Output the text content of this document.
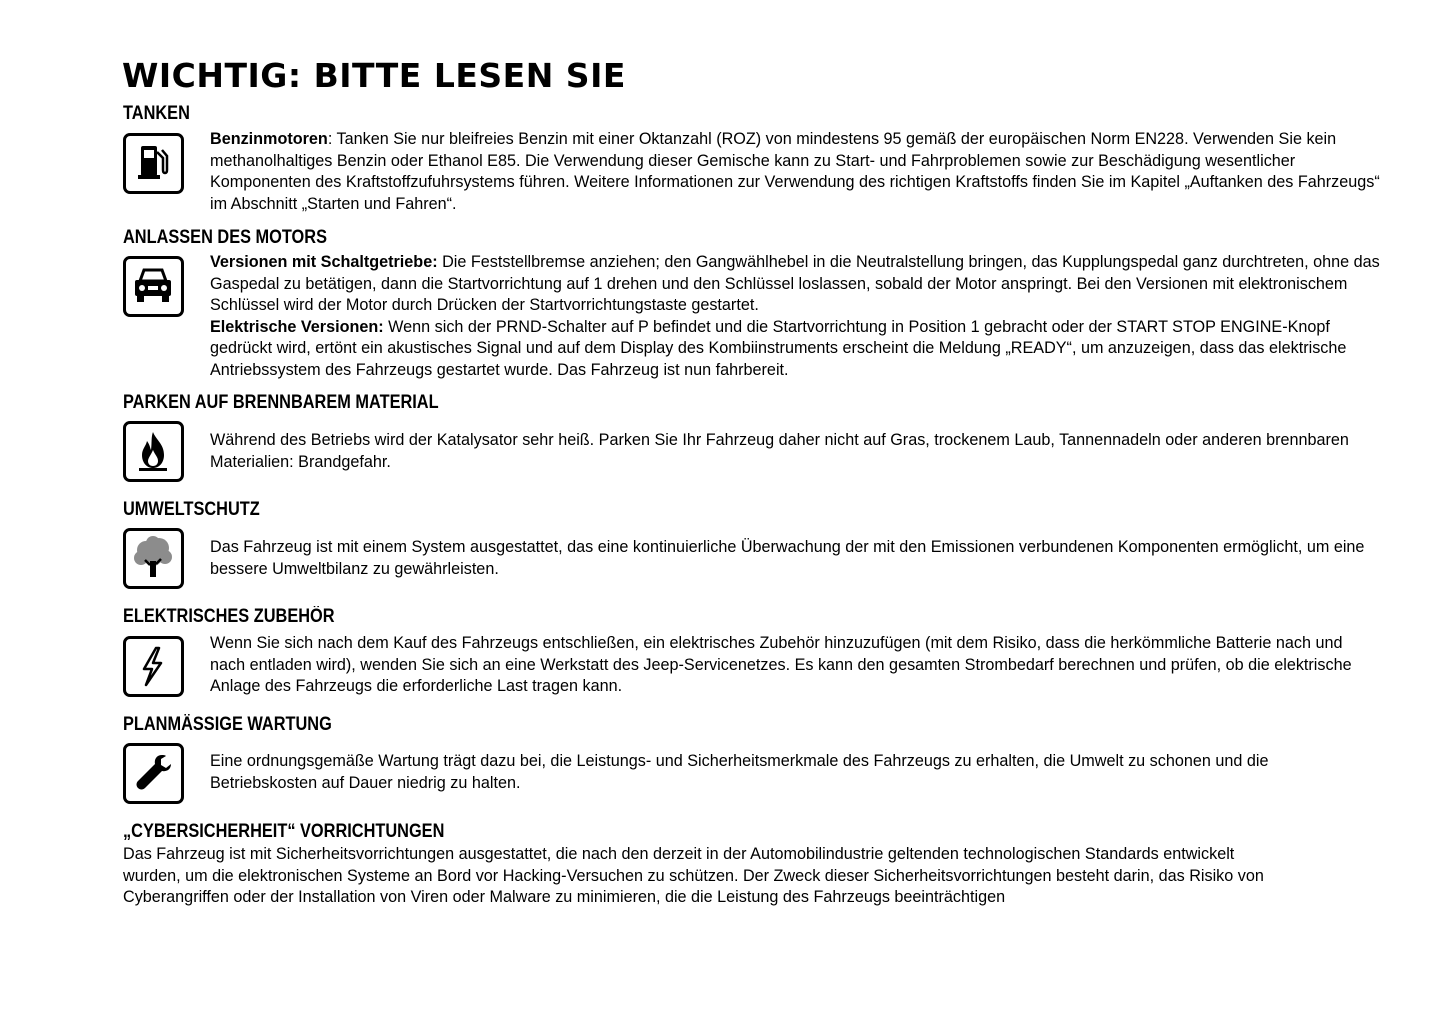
WICHTIG: BITTE LESEN SIE
TANKEN

Benzinmotoren: Tanken Sie nur bleifreies Benzin mit einer Oktanzahl (ROZ) von mindestens 95 gemäß der europäischen Norm EN228. Verwenden Sie kein methanolhaltiges Benzin oder Ethanol E85. Die Verwendung dieser Gemische kann zu Start- und Fahrproblemen sowie zur Beschädigung wesentlicher Komponenten des Kraftstoffzufuhrsystems führen. Weitere Informationen zur Verwendung des richtigen Kraftstoffs finden Sie im Kapitel „Auftanken des Fahrzeugs“ im Abschnitt „Starten und Fahren“.

ANLASSEN DES MOTORS

Versionen mit Schaltgetriebe: Die Feststellbremse anziehen; den Gangwählhebel in die Neutralstellung bringen, das Kupplungspedal ganz durchtreten, ohne das Gaspedal zu betätigen, dann die Startvorrichtung auf 1 drehen und den Schlüssel loslassen, sobald der Motor anspringt. Bei den Versionen mit elektronischem Schlüssel wird der Motor durch Drücken der Startvorrichtungstaste gestartet.

Elektrische Versionen: Wenn sich der PRND-Schalter auf P befindet und die Startvorrichtung in Position 1 gebracht oder der START STOP ENGINE-Knopf gedrückt wird, ertönt ein akustisches Signal und auf dem Display des Kombiinstruments erscheint die Meldung „READY“, um anzuzeigen, dass das elektrische Antriebssystem des Fahrzeugs gestartet wurde. Das Fahrzeug ist nun fahrbereit.

PARKEN AUF BRENNBAREM MATERIAL

Während des Betriebs wird der Katalysator sehr heiß. Parken Sie Ihr Fahrzeug daher nicht auf Gras, trockenem Laub, Tannennadeln oder anderen brennbaren Materialien: Brandgefahr.

UMWELTSCHUTZ

Das Fahrzeug ist mit einem System ausgestattet, das eine kontinuierliche Überwachung der mit den Emissionen verbundenen Komponenten ermöglicht, um eine bessere Umweltbilanz zu gewährleisten.

ELEKTRISCHES ZUBEHÖR

Wenn Sie sich nach dem Kauf des Fahrzeugs entschließen, ein elektrisches Zubehör hinzuzufügen (mit dem Risiko, dass die herkömmliche Batterie nach und nach entladen wird), wenden Sie sich an eine Werkstatt des Jeep-Servicenetzes. Es kann den gesamten Strombedarf berechnen und prüfen, ob die elektrische Anlage des Fahrzeugs die erforderliche Last tragen kann.

PLANMÄSSIGE WARTUNG

Eine ordnungsgemäße Wartung trägt dazu bei, die Leistungs- und Sicherheitsmerkmale des Fahrzeugs zu erhalten, die Umwelt zu schonen und die Betriebskosten auf Dauer niedrig zu halten.

„CYBERSICHERHEIT“ VORRICHTUNGEN

Das Fahrzeug ist mit Sicherheitsvorrichtungen ausgestattet, die nach den derzeit in der Automobilindustrie geltenden technologischen Standards entwickelt wurden, um die elektronischen Systeme an Bord vor Hacking-Versuchen zu schützen. Der Zweck dieser Sicherheitsvorrichtungen besteht darin, das Risiko von Cyberangriffen oder der Installation von Viren oder Malware zu minimieren, die die Leistung des Fahrzeugs beeinträchtigen
